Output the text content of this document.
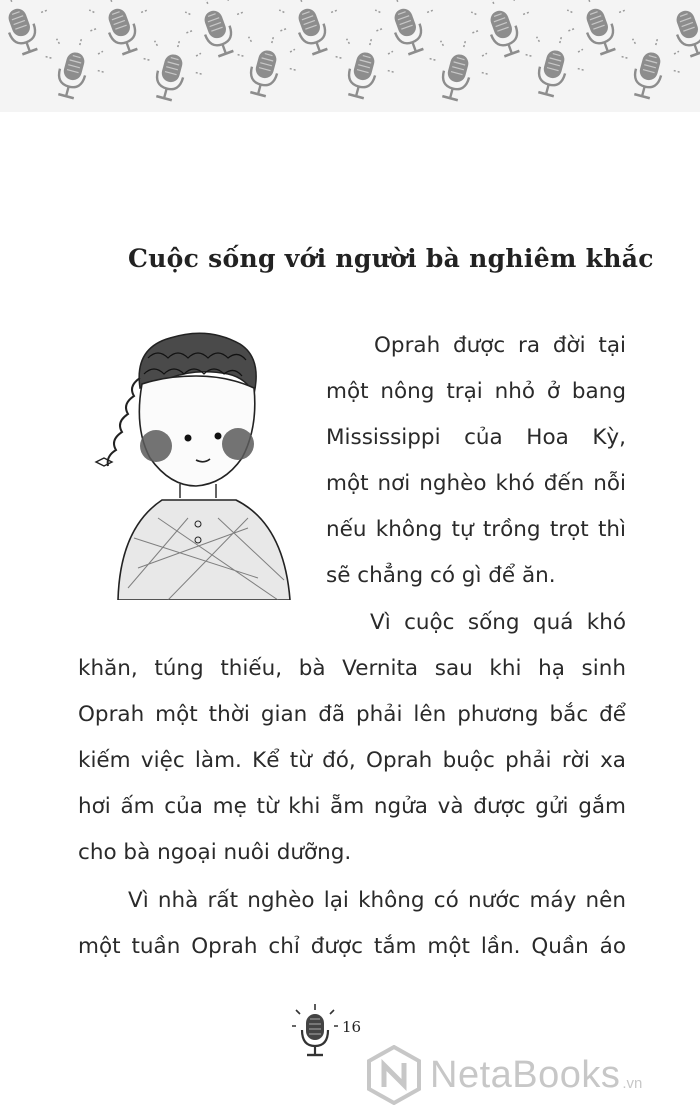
Cuộc sống với người bà nghiêm khắc

Oprah được ra đời tại
một nông trại nhỏ ở bang
Mississippi của Hoa Kỳ,
một nơi nghèo khó đến nỗi
nếu không tự trồng trọt thì
sẽ chẳng có gì để ăn.

Vì cuộc sống quá khó
khăn, túng thiếu, bà Vernita sau khi hạ sinh
Oprah một thời gian đã phải lên phương bắc để
kiếm việc làm. Kể từ đó, Oprah buộc phải rời xa
hơi ấm của mẹ từ khi ẵm ngửa và được gửi gắm
cho bà ngoại nuôi dưỡng.

Vì nhà rất nghèo lại không có nước máy nên
một tuần Oprah chỉ được tắm một lần. Quần áo

16
NetaBooks .vn
